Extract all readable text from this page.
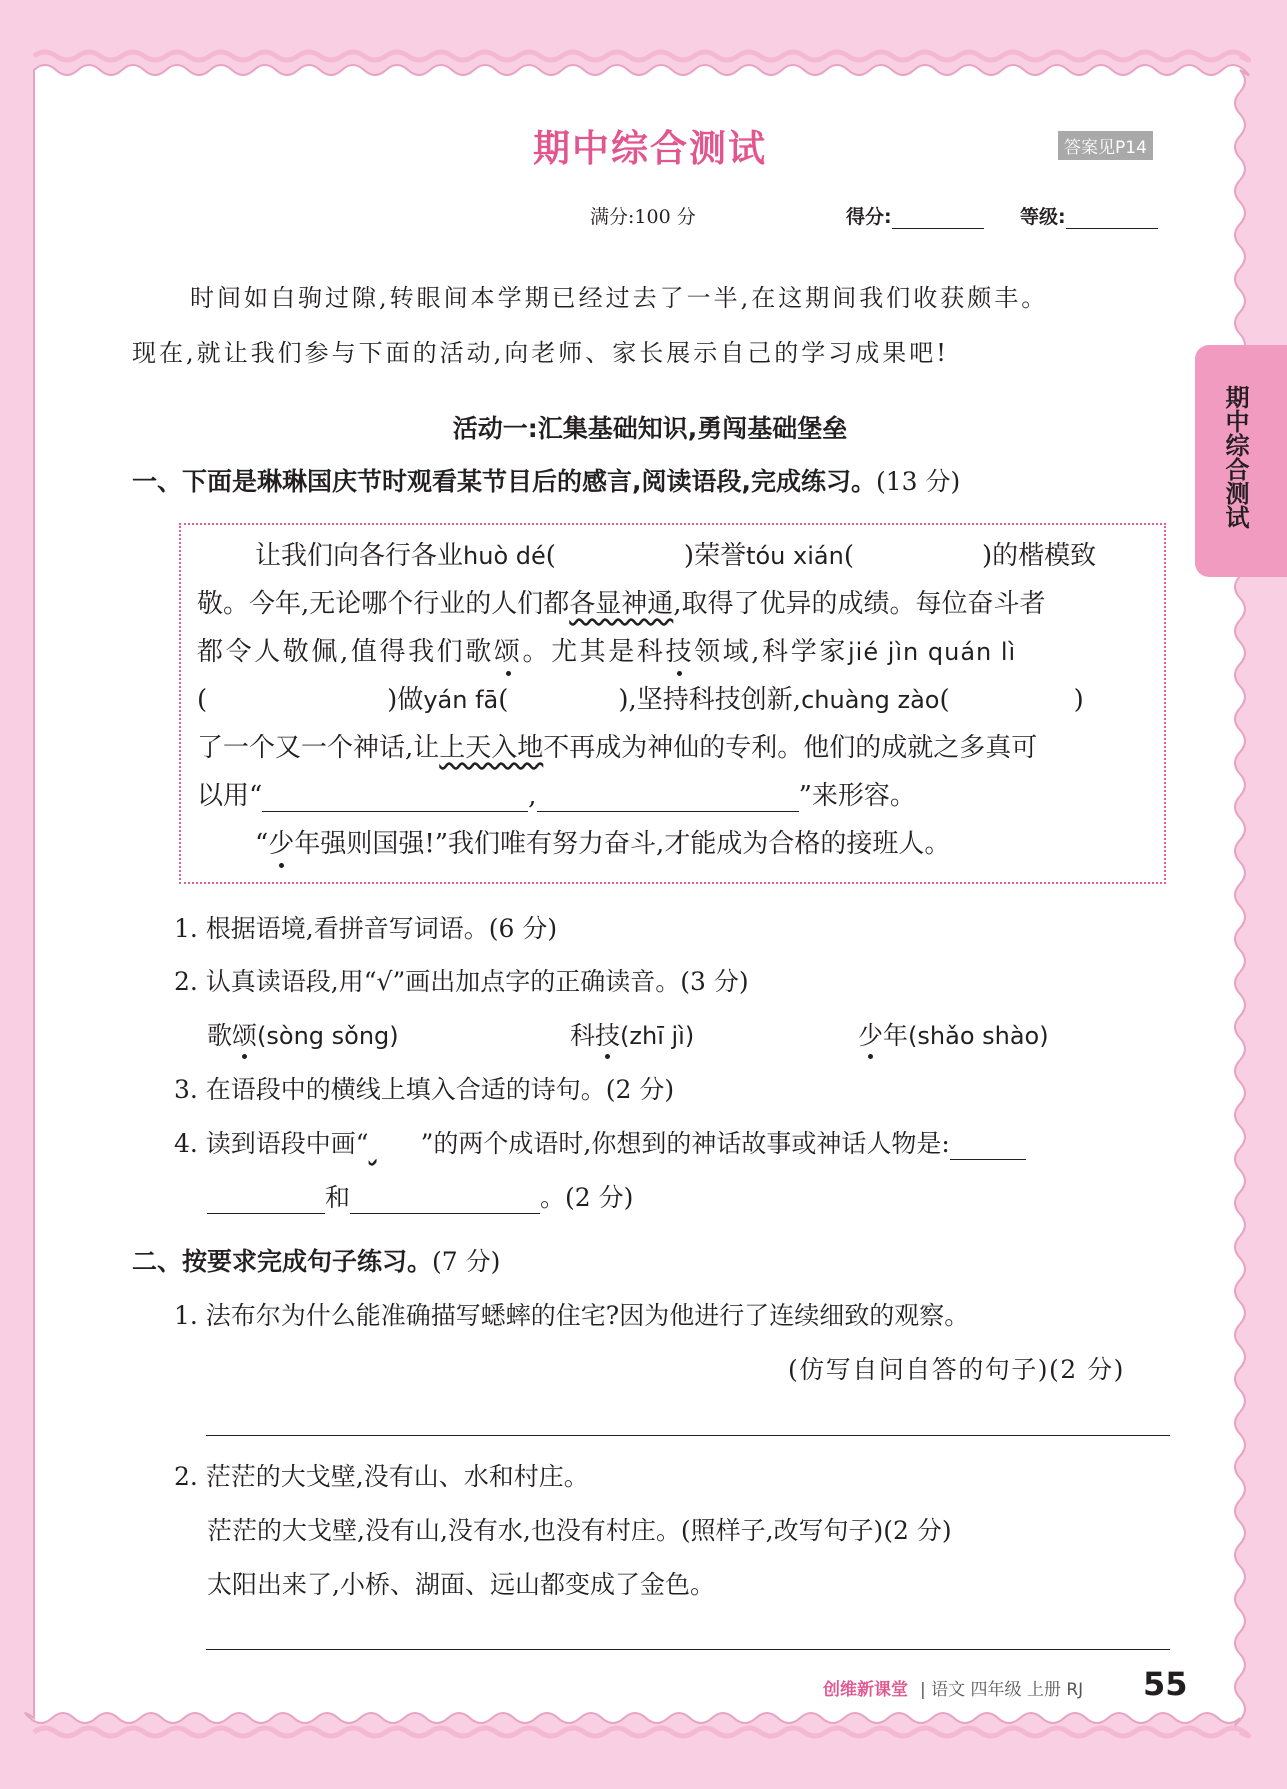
期中综合测试	答案见P14
满分:100 分	得分:	等级:
期中综合测试
时间如白驹过隙,转眼间本学期已经过去了一半,在这期间我们收获颇丰。
现在,就让我们参与下面的活动,向老师、家长展示自己的学习成果吧!
活动一:汇集基础知识,勇闯基础堡垒
一、下面是琳琳国庆节时观看某节目后的感言,阅读语段,完成练习。(13 分)
让我们向各行各业huò dé(	)荣誉tóu xián(	)的楷模致
敬。今年,无论哪个行业的人们都各显神通,取得了优异的成绩。每位奋斗者
都令人敬佩,值得我们歌颂。尤其是科技领域,科学家jié jìn quán lì
(	)做yán fā(	),坚持科技创新,chuàng zào(	)
了一个又一个神话,让上天入地不再成为神仙的专利。他们的成就之多真可
以用“	,	”来形容。
“少年强则国强!”我们唯有努力奋斗,才能成为合格的接班人。
1. 根据语境,看拼音写词语。(6 分)
2. 认真读语段,用“√”画出加点字的正确读音。(3 分)
歌颂(sòng sǒng)	科技(zhī jì)	少年(shǎo shào)
3. 在语段中的横线上填入合适的诗句。(2 分)
4. 读到语段中画“ ”的两个成语时,你想到的神话故事或神话人物是:
和	。(2 分)
二、按要求完成句子练习。(7 分)
1. 法布尔为什么能准确描写蟋蟀的住宅?因为他进行了连续细致的观察。
(仿写自问自答的句子)(2 分)
2. 茫茫的大戈壁,没有山、水和村庄。
茫茫的大戈壁,没有山,没有水,也没有村庄。(照样子,改写句子)(2 分)
太阳出来了,小桥、湖面、远山都变成了金色。
创维新课堂 | 语文 四年级 上册 RJ 55
